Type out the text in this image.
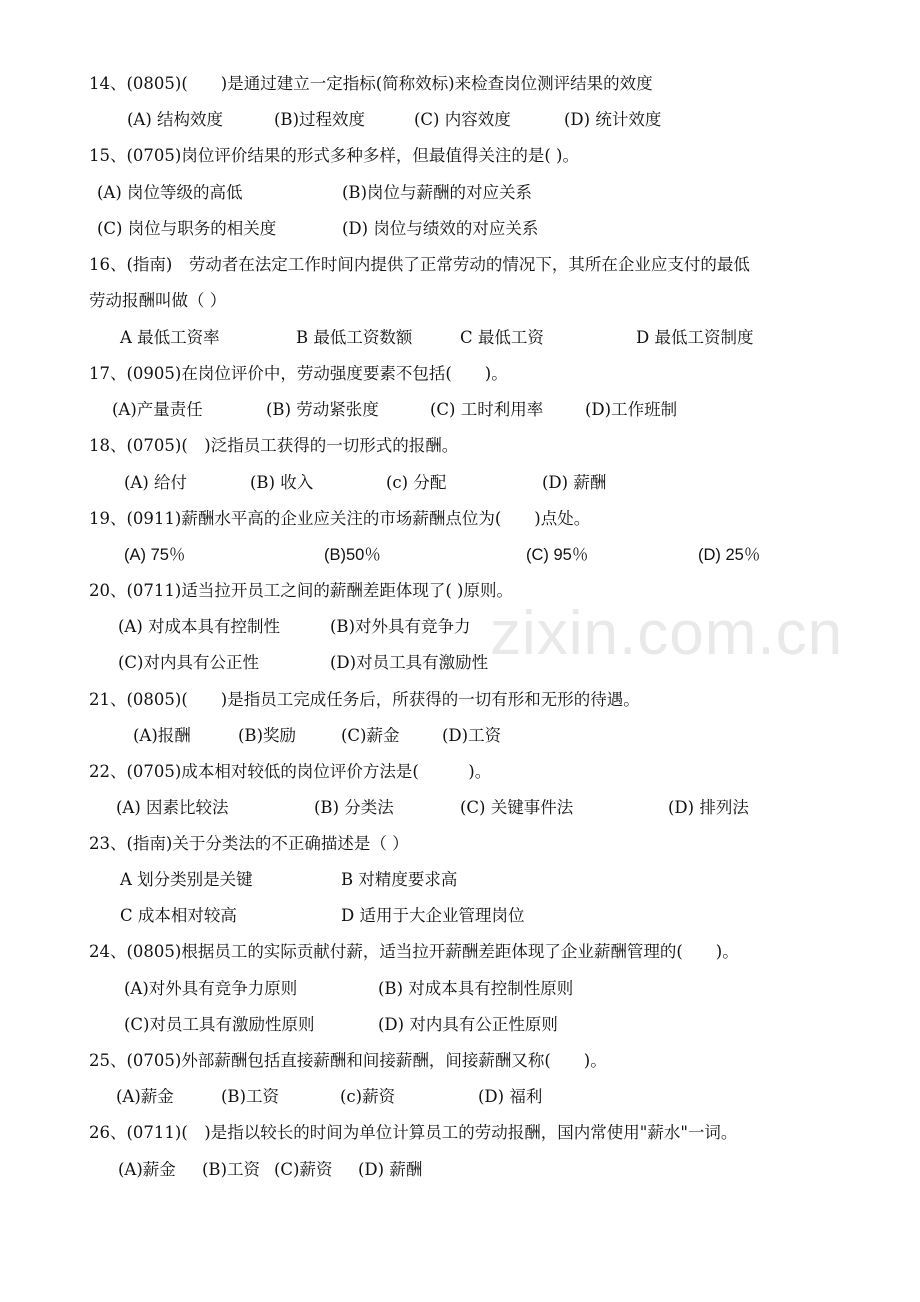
zixin.com.cn
14、(0805)(　　)是通过建立一定指标(简称效标)来检查岗位测评结果的效度
(A) 结构效度	(B)过程效度	(C) 内容效度	(D) 统计效度
15、(0705)岗位评价结果的形式多种多样，但最值得关注的是( )。
(A) 岗位等级的高低	(B)岗位与薪酬的对应关系
(C) 岗位与职务的相关度	(D) 岗位与绩效的对应关系
16、(指南)　劳动者在法定工作时间内提供了正常劳动的情况下，其所在企业应支付的最低
劳动报酬叫做（ ）
A 最低工资率	B 最低工资数额	C 最低工资	D 最低工资制度
17、(0905)在岗位评价中，劳动强度要素不包括(　　)。
(A)产量责任	(B) 劳动紧张度	(C) 工时利用率	(D)工作班制
18、(0705)(　)泛指员工获得的一切形式的报酬。
(A) 给付	(B) 收入	(c) 分配	(D) 薪酬
19、(0911)薪酬水平高的企业应关注的市场薪酬点位为(　　)点处。
(A) 75％	(B)50％	(C) 95％	(D) 25％
20、(0711)适当拉开员工之间的薪酬差距体现了( )原则。
(A) 对成本具有控制性	(B)对外具有竞争力
(C)对内具有公正性	(D)对员工具有激励性
21、(0805)(　　)是指员工完成任务后，所获得的一切有形和无形的待遇。
(A)报酬	(B)奖励	(C)薪金	(D)工资
22、(0705)成本相对较低的岗位评价方法是(　　　)。
(A) 因素比较法	(B) 分类法	(C) 关键事件法	(D) 排列法
23、(指南)关于分类法的不正确描述是（ ）
A 划分类别是关键	B 对精度要求高
C 成本相对较高	D 适用于大企业管理岗位
24、(0805)根据员工的实际贡献付薪，适当拉开薪酬差距体现了企业薪酬管理的(　　)。
(A)对外具有竞争力原则	(B) 对成本具有控制性原则
(C)对员工具有激励性原则	(D) 对内具有公正性原则
25、(0705)外部薪酬包括直接薪酬和间接薪酬，间接薪酬又称(　　)。
(A)薪金	(B)工资	(c)薪资	(D) 福利
26、(0711)(　)是指以较长的时间为单位计算员工的劳动报酬，国内常使用"薪水"一词。
(A)薪金 (B)工资 (C)薪资 (D) 薪酬
